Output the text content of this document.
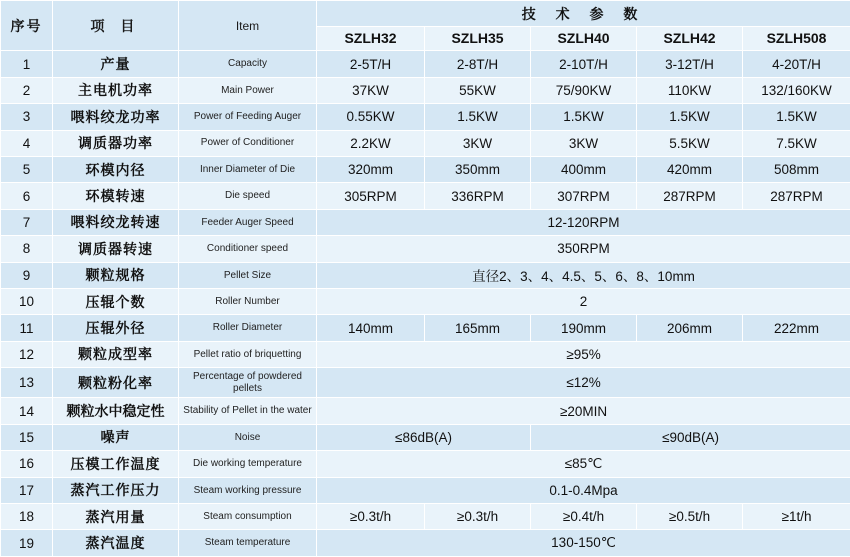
序号	项 目	Item	技 术 参 数				
			SZLH32	SZLH35	SZLH40	SZLH42	SZLH508

1	产量	Capacity	2-5T/H	2-8T/H	2-10T/H	3-12T/H	4-20T/H

2	主电机功率	Main Power	37KW	55KW	75/90KW	110KW	132/160KW

3	喂料绞龙功率	Power of Feeding Auger	0.55KW	1.5KW	1.5KW	1.5KW	1.5KW

4	调质器功率	Power of Conditioner	2.2KW	3KW	3KW	5.5KW	7.5KW

5	环模内径	Inner Diameter of Die	320mm	350mm	400mm	420mm	508mm

6	环模转速	Die speed	305RPM	336RPM	307RPM	287RPM	287RPM

7	喂料绞龙转速	Feeder Auger Speed	12-120RPM				

8	调质器转速	Conditioner speed	350RPM				

9	颗粒规格	Pellet Size	直径2、3、4、4.5、5、6、8、10mm				

10	压辊个数	Roller Number	2				

11	压辊外径	Roller Diameter	140mm	165mm	190mm	206mm	222mm

12	颗粒成型率	Pellet ratio of briquetting	≥95%				

13	颗粒粉化率	Percentage of powdered pellets	≤12%				

14	颗粒水中稳定性	Stability of Pellet in the water	≥20MIN				

15	噪声	Noise	≤86dB(A)		≤90dB(A)		

16	压模工作温度	Die working temperature	≤85℃				

17	蒸汽工作压力	Steam working pressure	0.1-0.4Mpa				

18	蒸汽用量	Steam consumption	≥0.3t/h	≥0.3t/h	≥0.4t/h	≥0.5t/h	≥1t/h

19	蒸汽温度	Steam temperature	130-150℃				
